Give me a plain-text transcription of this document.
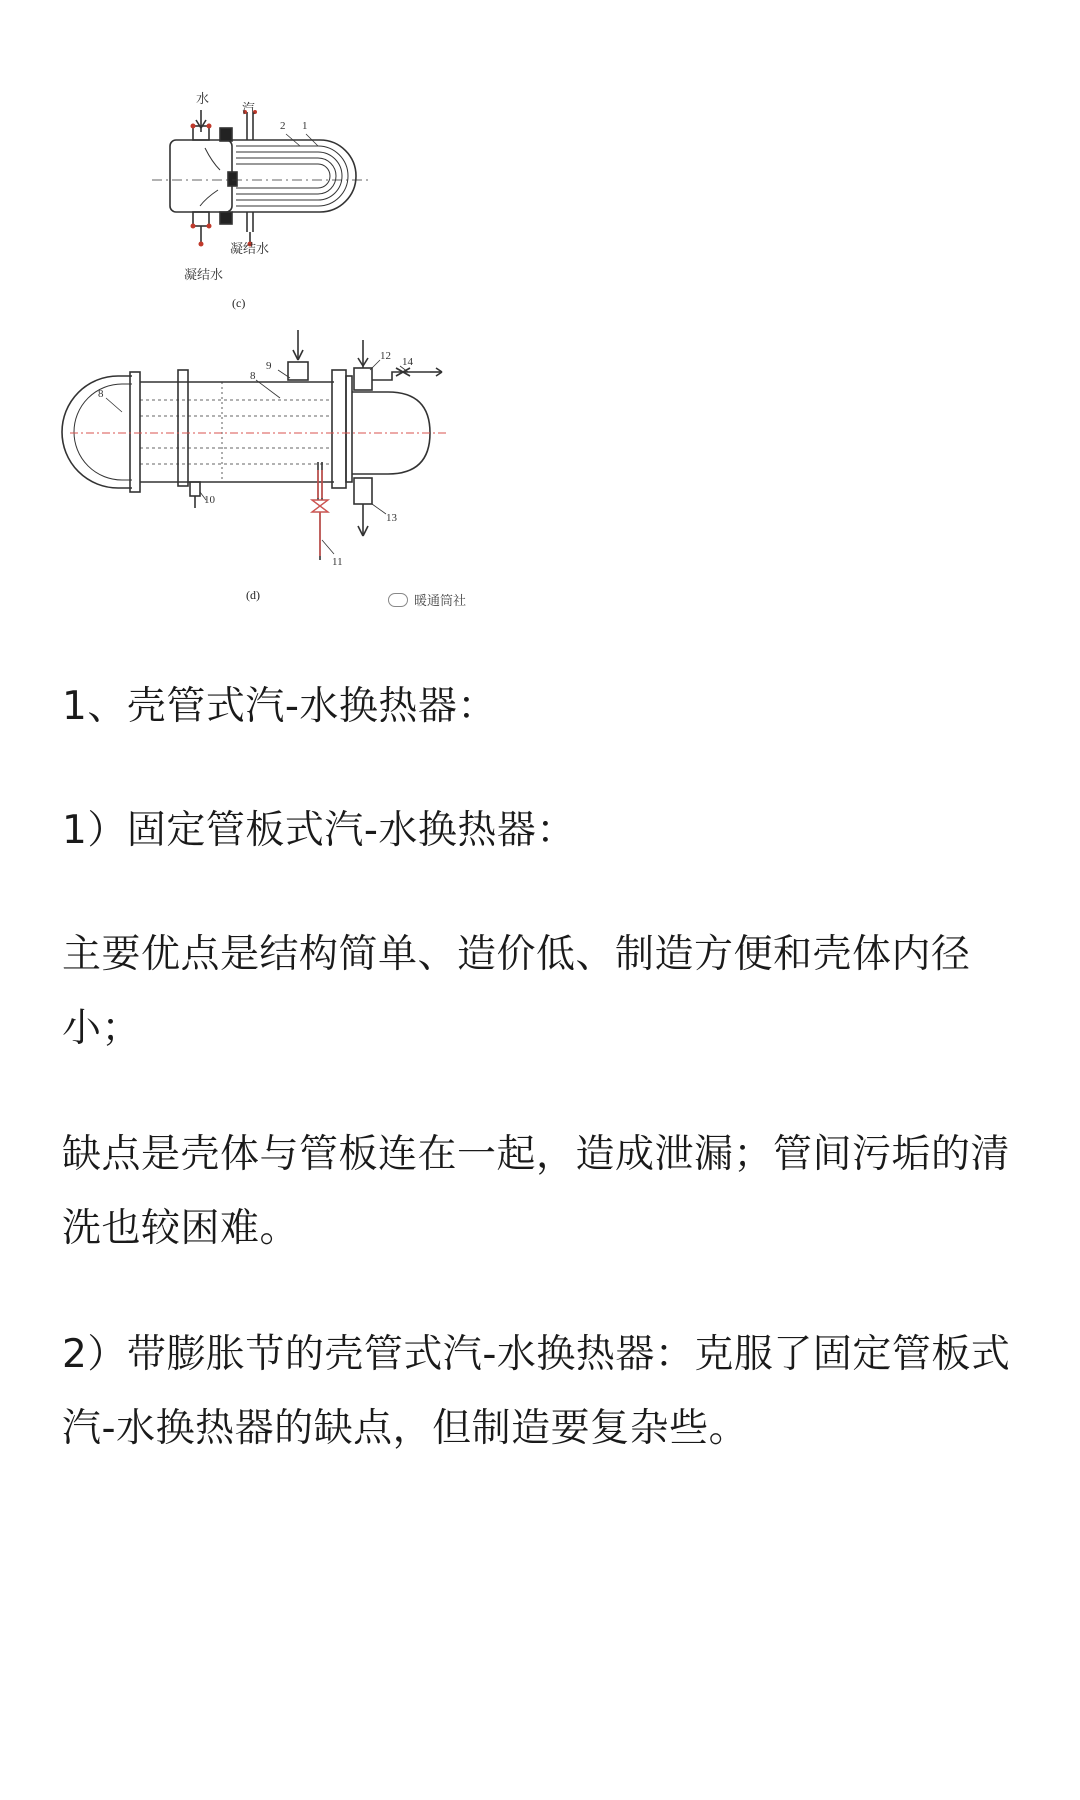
水
汽
2 1
凝结水
凝结水
(c)
8
8
9
10
11
12
13
14
(d)	暖通筒社

1、壳管式汽-水换热器：

1）固定管板式汽-水换热器：

主要优点是结构简单、造价低、制造方便和壳体内径小；

缺点是壳体与管板连在一起，造成泄漏；管间污垢的清洗也较困难。

2）带膨胀节的壳管式汽-水换热器：克服了固定管板式汽-水换热器的缺点，但制造要复杂些。
